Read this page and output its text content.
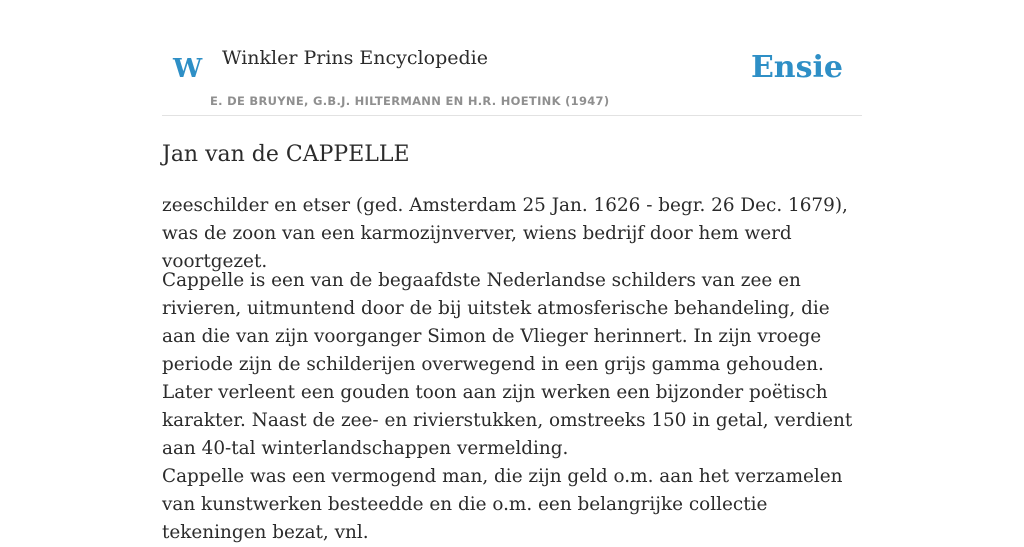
W Winkler Prins Encyclopedie
E. DE BRUYNE, G.B.J. HILTERMANN EN H.R. HOETINK (1947)
Ensie
Jan van de CAPPELLE

zeeschilder en etser (ged. Amsterdam 25 Jan. 1626 - begr. 26 Dec. 1679), was de zoon van een karmozijnverver, wiens bedrijf door hem werd voortgezet.

Cappelle is een van de begaafdste Nederlandse schilders van zee en rivieren, uitmuntend door de bij uitstek atmosferische behandeling, die aan die van zijn voorganger Simon de Vlieger herinnert. In zijn vroege periode zijn de schilderijen overwegend in een grijs gamma gehouden. Later verleent een gouden toon aan zijn werken een bijzonder poëtisch karakter. Naast de zee- en rivierstukken, omstreeks 150 in getal, verdient aan 40-tal winterlandschappen vermelding.

Cappelle was een vermogend man, die zijn geld o.m. aan het verzamelen van kunstwerken besteedde en die o.m. een belangrijke collectie tekeningen bezat, vnl.
